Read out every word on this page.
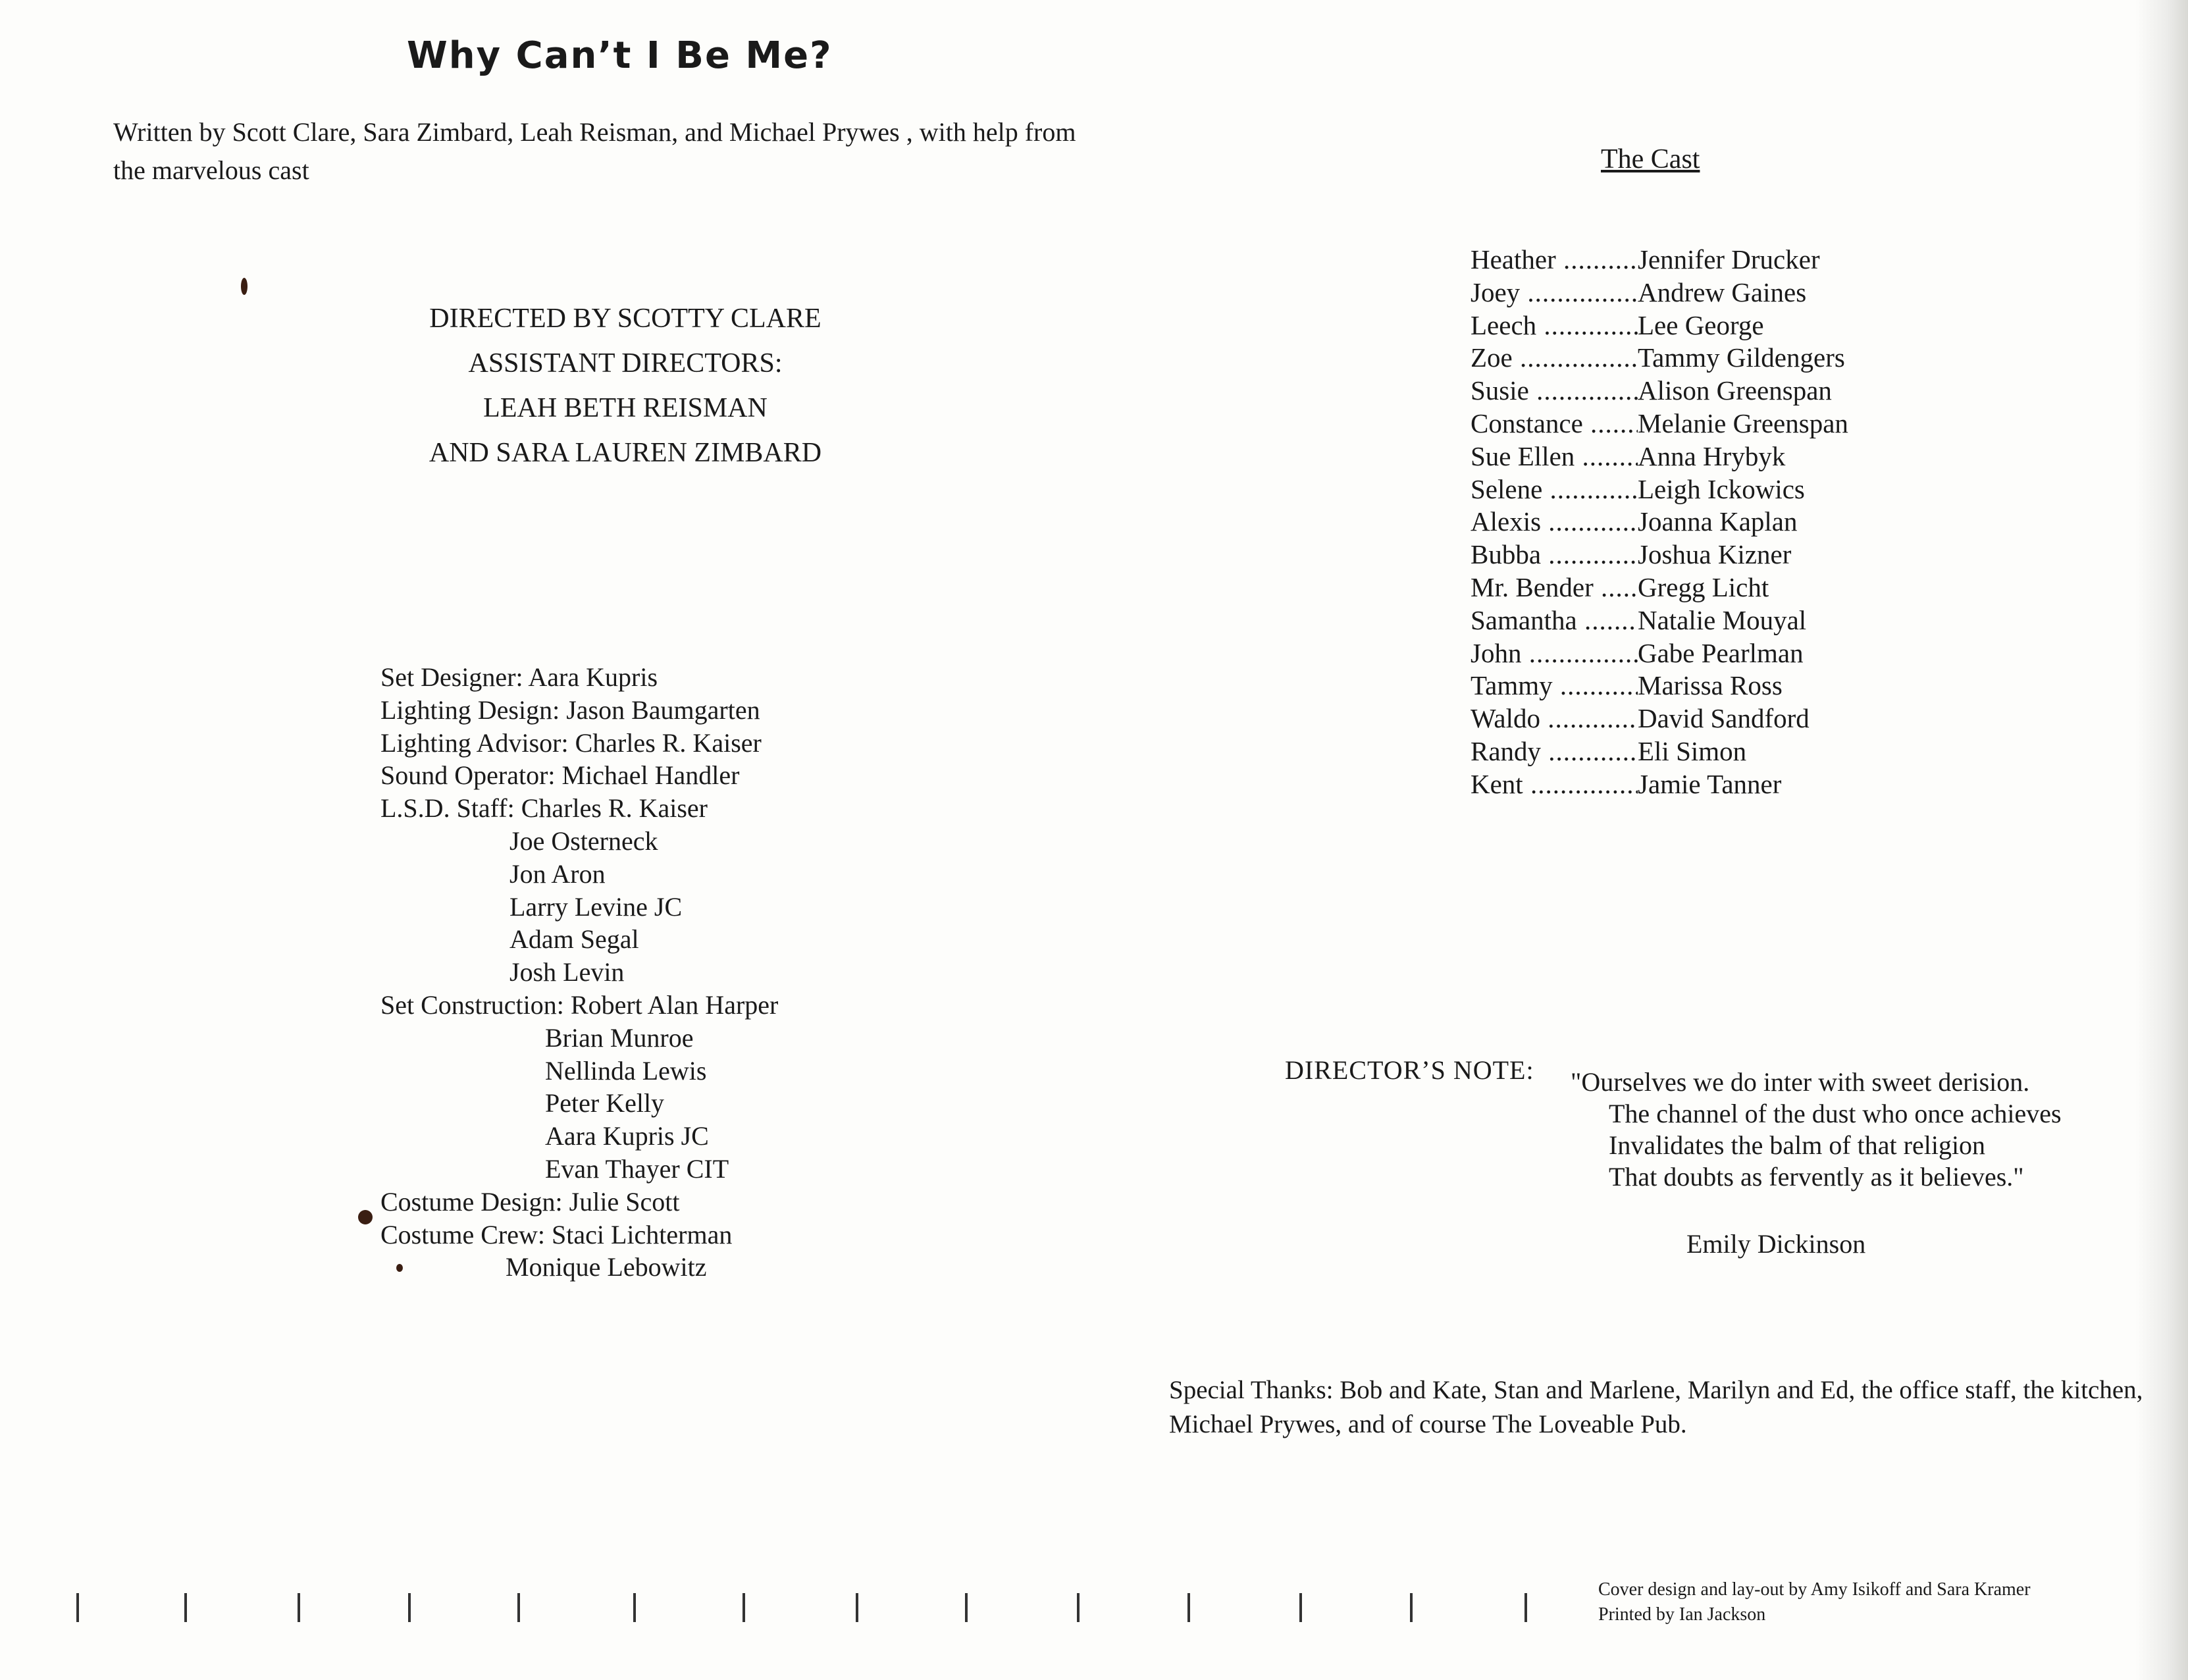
Why Can’t I Be Me?
Written by Scott Clare, Sara Zimbard, Leah Reisman, and Michael Prywes , with help from the marvelous cast
DIRECTED BY SCOTTY CLARE
ASSISTANT DIRECTORS:
LEAH BETH REISMAN
AND SARA LAUREN ZIMBARD
Set Designer: Aara Kupris
Lighting Design: Jason Baumgarten
Lighting Advisor: Charles R. Kaiser
Sound Operator: Michael Handler
L.S.D. Staff: Charles R. Kaiser
Joe Osterneck
Jon Aron
Larry Levine JC
Adam Segal
Josh Levin
Set Construction: Robert Alan Harper
Brian Munroe
Nellinda Lewis
Peter Kelly
Aara Kupris JC
Evan Thayer CIT
Costume Design: Julie Scott
Costume Crew: Staci Lichterman
Monique Lebowitz
The Cast
Heather .....	Jennifer Drucker
Joey .....	Andrew Gaines
Leech .....	Lee George
Zoe .....	Tammy Gildengers
Susie .....	Alison Greenspan
Constance .....	Melanie Greenspan
Sue Ellen .....	Anna Hrybyk
Selene .....	Leigh Ickowics
Alexis .....	Joanna Kaplan
Bubba .....	Joshua Kizner
Mr. Bender .....	Gregg Licht
Samantha .....	Natalie Mouyal
John .....	Gabe Pearlman
Tammy .....	Marissa Ross
Waldo .....	David Sandford
Randy .....	Eli Simon
Kent .....	Jamie Tanner
DIRECTOR’S NOTE: "Ourselves we do inter with sweet derision.
The channel of the dust who once achieves
Invalidates the balm of that religion
That doubts as fervently as it believes."
Emily Dickinson
Special Thanks: Bob and Kate, Stan and Marlene, Marilyn and Ed, the office staff, the kitchen, Michael Prywes, and of course The Loveable Pub.
Cover design and lay-out by Amy Isikoff and Sara Kramer
Printed by Ian Jackson
